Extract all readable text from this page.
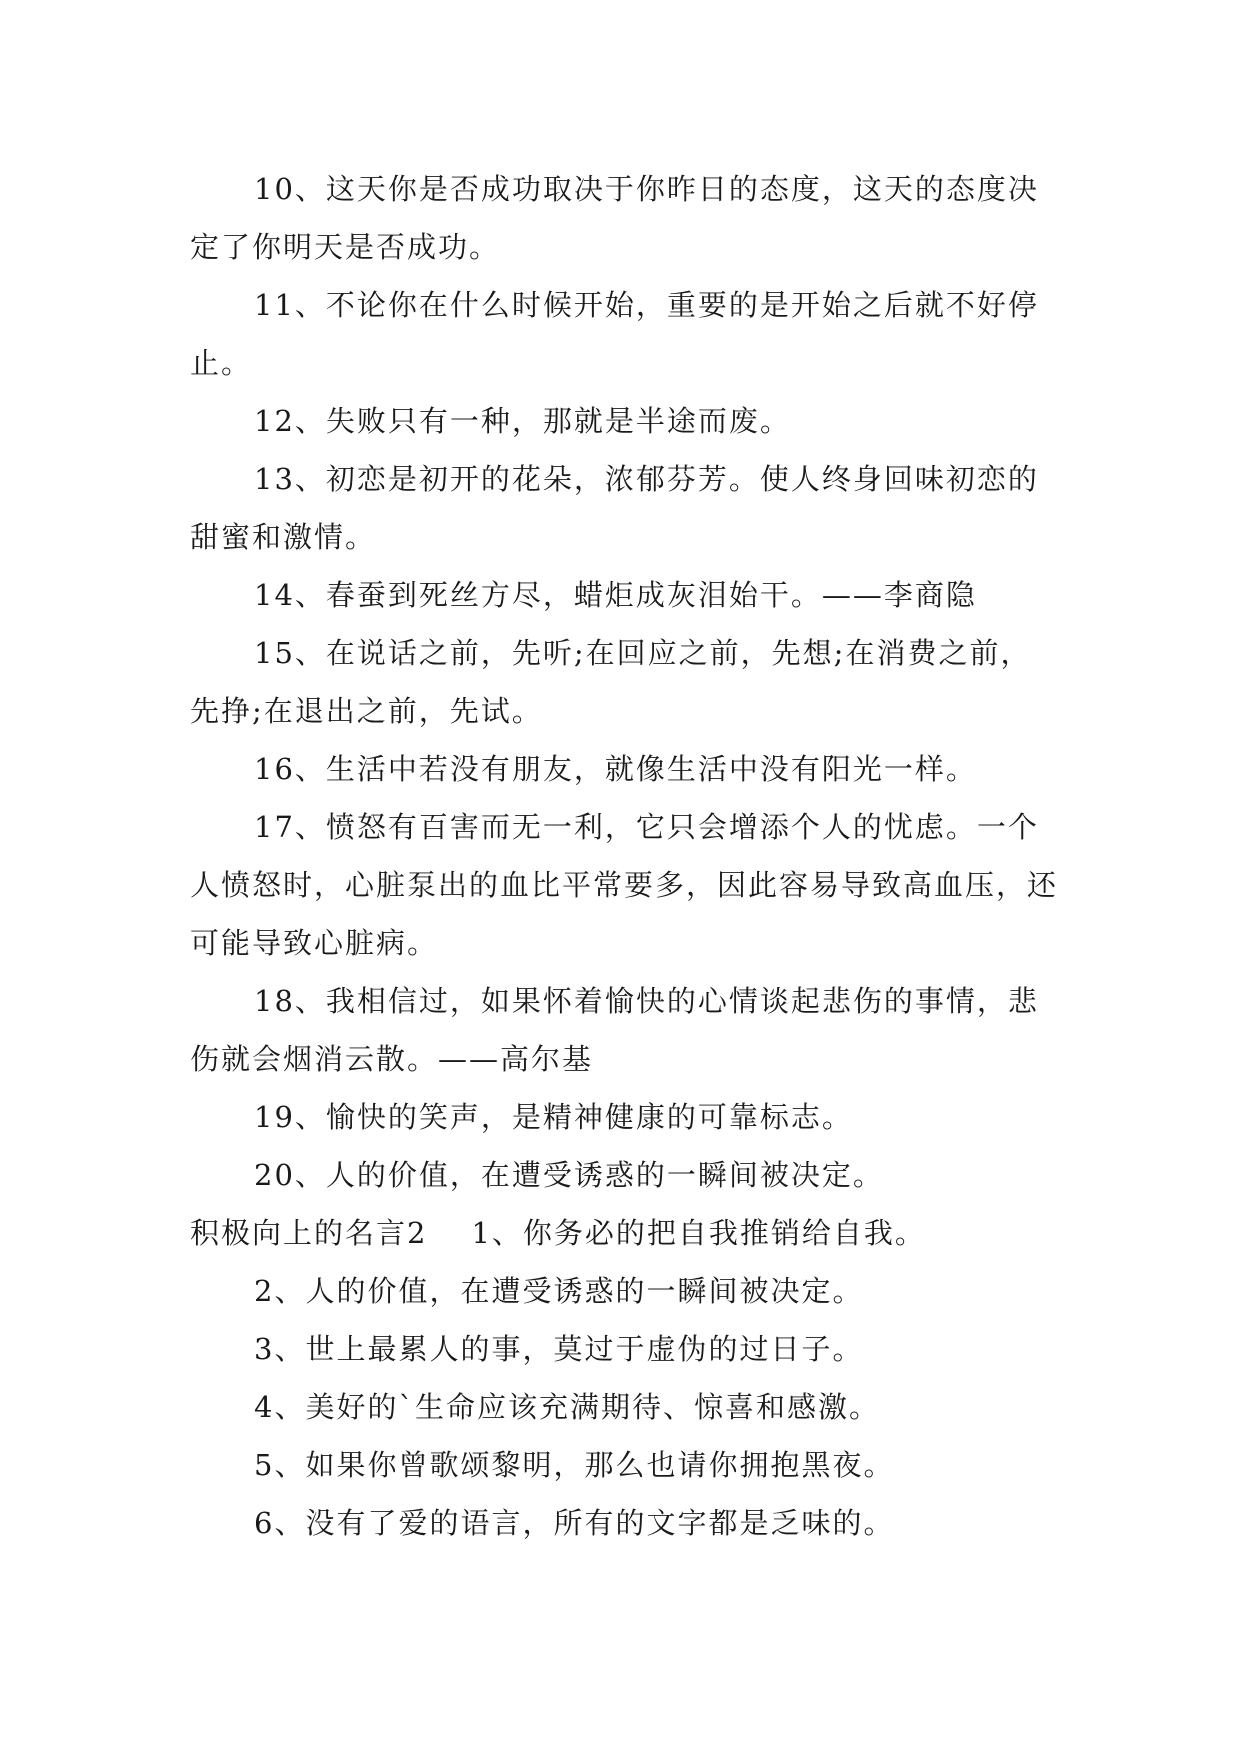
10、这天你是否成功取决于你昨日的态度，这天的态度决定了你明天是否成功。

11、不论你在什么时候开始，重要的是开始之后就不好停止。

12、失败只有一种，那就是半途而废。

13、初恋是初开的花朵，浓郁芬芳。使人终身回味初恋的甜蜜和激情。

14、春蚕到死丝方尽，蜡炬成灰泪始干。——李商隐

15、在说话之前，先听;在回应之前，先想;在消费之前，先挣;在退出之前，先试。

16、生活中若没有朋友，就像生活中没有阳光一样。

17、愤怒有百害而无一利，它只会增添个人的忧虑。一个人愤怒时，心脏泵出的血比平常要多，因此容易导致高血压，还可能导致心脏病。

18、我相信过，如果怀着愉快的心情谈起悲伤的事情，悲伤就会烟消云散。——高尔基

19、愉快的笑声，是精神健康的可靠标志。

20、人的价值，在遭受诱惑的一瞬间被决定。

积极向上的名言2 1、你务必的把自我推销给自我。

2、人的价值，在遭受诱惑的一瞬间被决定。

3、世上最累人的事，莫过于虚伪的过日子。

4、美好的`生命应该充满期待、惊喜和感激。

5、如果你曾歌颂黎明，那么也请你拥抱黑夜。

6、没有了爱的语言，所有的文字都是乏味的。
